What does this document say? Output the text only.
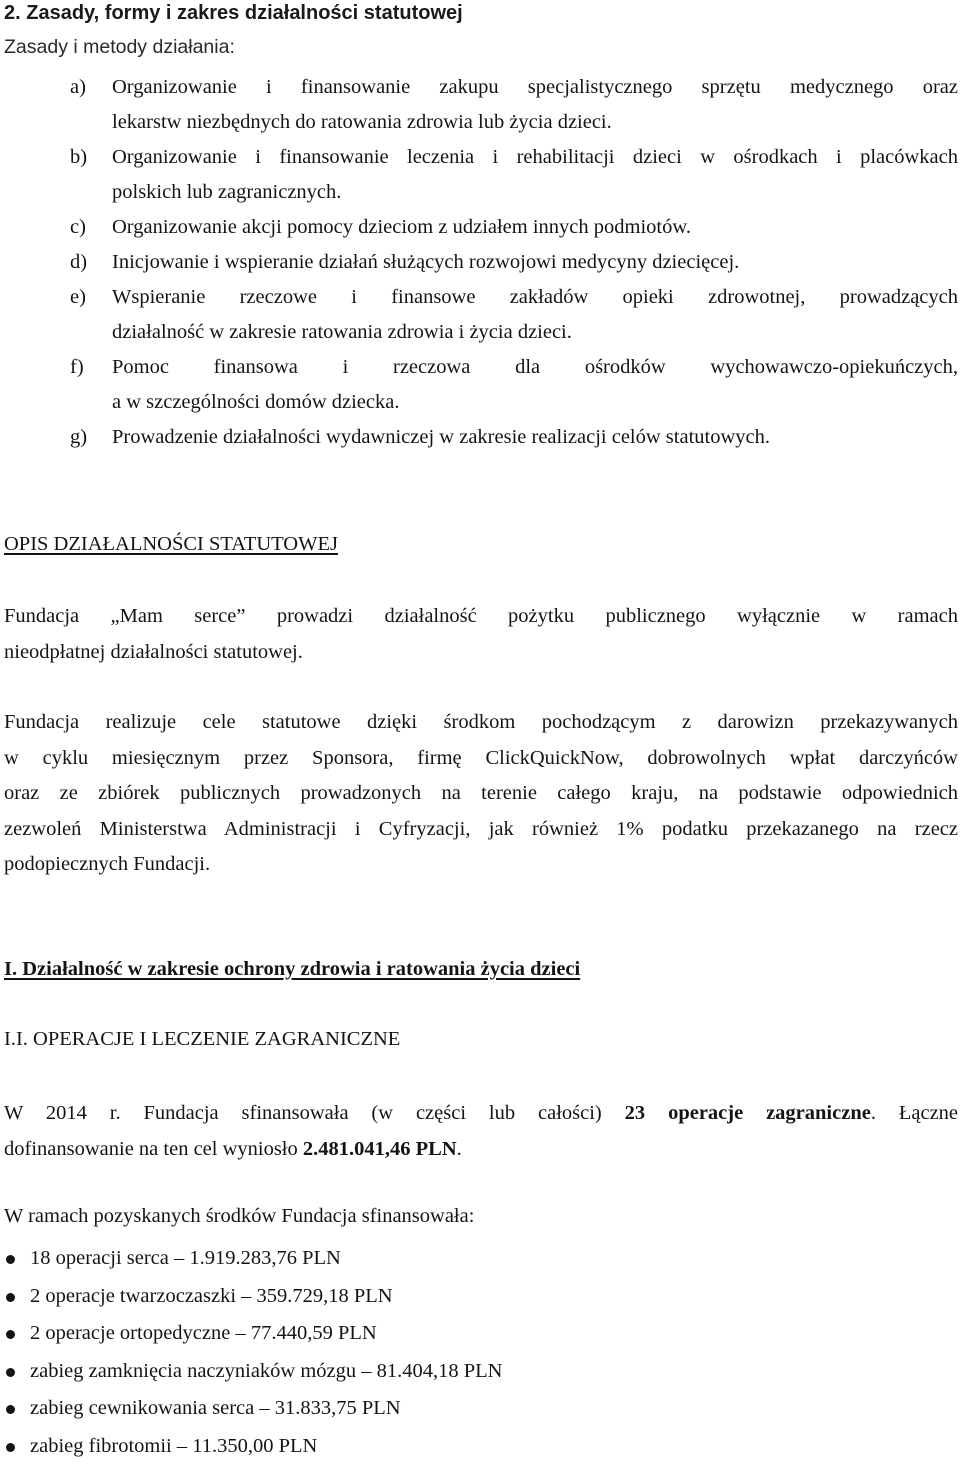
2. Zasady, formy i zakres działalności statutowej
Zasady i metody działania:
a) Organizowanie i finansowanie zakupu specjalistycznego sprzętu medycznego oraz
lekarstw niezbędnych do ratowania zdrowia lub życia dzieci.
b) Organizowanie i finansowanie leczenia i rehabilitacji dzieci w ośrodkach i placówkach
polskich lub zagranicznych.
c) Organizowanie akcji pomocy dzieciom z udziałem innych podmiotów.
d) Inicjowanie i wspieranie działań służących rozwojowi medycyny dziecięcej.
e) Wspieranie rzeczowe i finansowe zakładów opieki zdrowotnej, prowadzących
działalność w zakresie ratowania zdrowia i życia dzieci.
f) Pomoc finansowa i rzeczowa dla ośrodków wychowawczo-opiekuńczych,
a w szczególności domów dziecka.
g) Prowadzenie działalności wydawniczej w zakresie realizacji celów statutowych.
OPIS DZIAŁALNOŚCI STATUTOWEJ
Fundacja „Mam serce” prowadzi działalność pożytku publicznego wyłącznie w ramach
nieodpłatnej działalności statutowej.
Fundacja realizuje cele statutowe dzięki środkom pochodzącym z darowizn przekazywanych
w cyklu miesięcznym przez Sponsora, firmę ClickQuickNow, dobrowolnych wpłat darczyńców
oraz ze zbiórek publicznych prowadzonych na terenie całego kraju, na podstawie odpowiednich
zezwoleń Ministerstwa Administracji i Cyfryzacji, jak również 1% podatku przekazanego na rzecz
podopiecznych Fundacji.
I. Działalność w zakresie ochrony zdrowia i ratowania życia dzieci
I.I. OPERACJE I LECZENIE ZAGRANICZNE
W 2014 r. Fundacja sfinansowała (w części lub całości) 23 operacje zagraniczne. Łączne
dofinansowanie na ten cel wyniosło 2.481.041,46 PLN.
W ramach pozyskanych środków Fundacja sfinansowała:
18 operacji serca – 1.919.283,76 PLN
2 operacje twarzoczaszki – 359.729,18 PLN
2 operacje ortopedyczne – 77.440,59 PLN
zabieg zamknięcia naczyniaków mózgu – 81.404,18 PLN
zabieg cewnikowania serca – 31.833,75 PLN
zabieg fibrotomii – 11.350,00 PLN
